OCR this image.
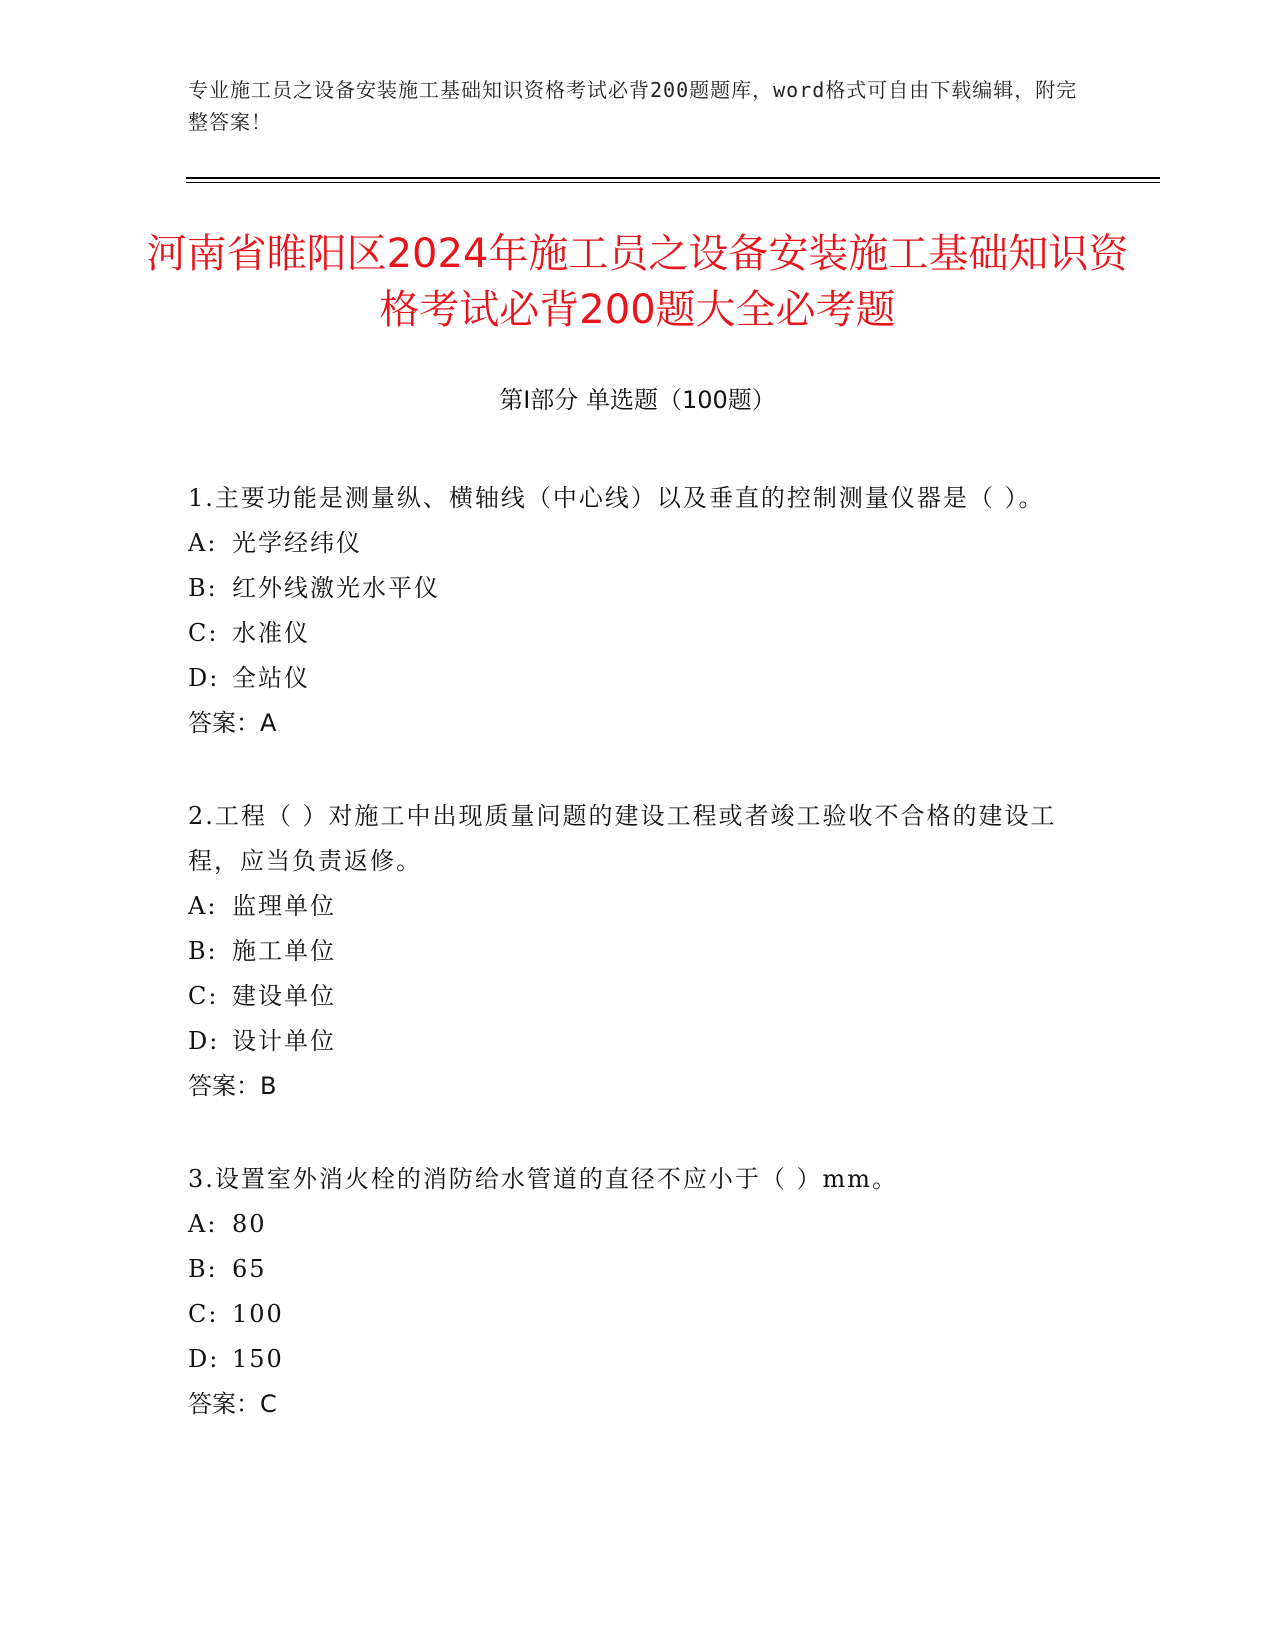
专业施工员之设备安装施工基础知识资格考试必背200题题库，word格式可自由下载编辑，附完整答案！
河南省睢阳区2024年施工员之设备安装施工基础知识资格考试必背200题大全必考题
第Ⅰ部分 单选题（100题）
1.主要功能是测量纵、横轴线（中心线）以及垂直的控制测量仪器是（ ）。
A: 光学经纬仪
B: 红外线激光水平仪
C: 水准仪
D: 全站仪
答案：A
2.工程（ ）对施工中出现质量问题的建设工程或者竣工验收不合格的建设工程，应当负责返修。
A: 监理单位
B: 施工单位
C: 建设单位
D: 设计单位
答案：B
3.设置室外消火栓的消防给水管道的直径不应小于（ ）mm。
A: 80
B: 65
C: 100
D: 150
答案：C
